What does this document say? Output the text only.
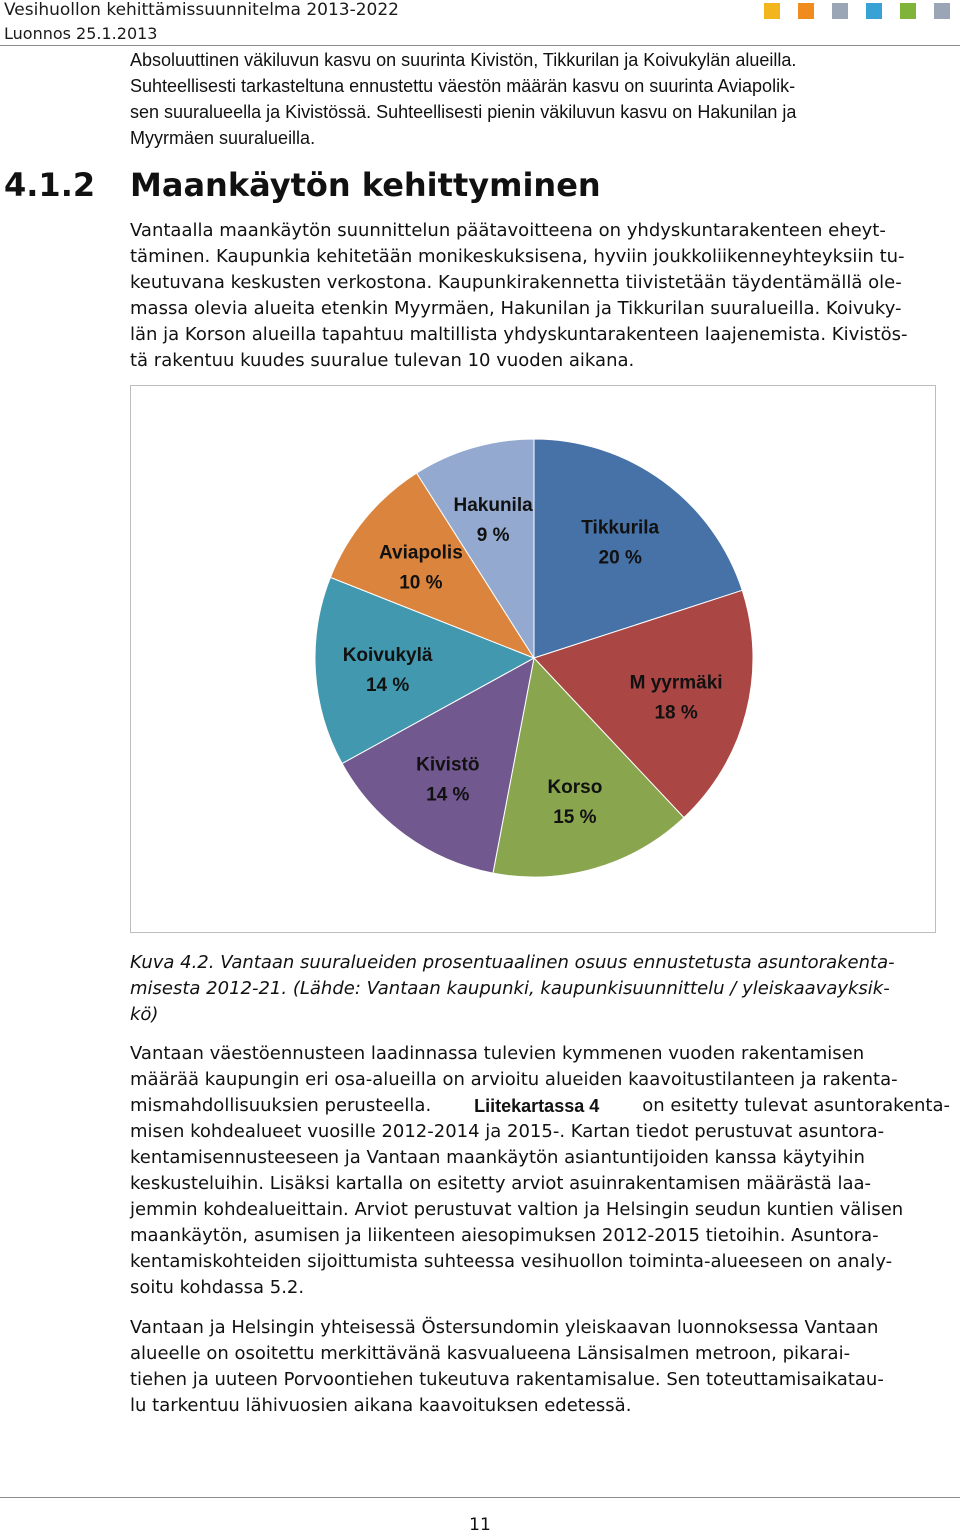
Vesihuollon kehittämissuunnitelma 2013-2022
Luonnos 25.1.2013
Absoluuttinen väkiluvun kasvu on suurinta Kivistön, Tikkurilan ja Koivukylän alueilla.
Suhteellisesti tarkasteltuna ennustettu väestön määrän kasvu on suurinta Aviapolik-
sen suuralueella ja Kivistössä. Suhteellisesti pienin väkiluvun kasvu on Hakunilan ja
Myyrmäen suuralueilla.
4.1.2 Maankäytön kehittyminen
Vantaalla maankäytön suunnittelun päätavoitteena on yhdyskuntarakenteen eheyt-
täminen. Kaupunkia kehitetään monikeskuksisena, hyviin joukkoliikenneyhteyksiin tu-
keutuvana keskusten verkostona. Kaupunkirakennetta tiivistetään täydentämällä ole-
massa olevia alueita etenkin Myyrmäen, Hakunilan ja Tikkurilan suuralueilla. Koivuky-
län ja Korson alueilla tapahtuu maltillista yhdyskuntarakenteen laajenemista. Kivistös-
tä rakentuu kuudes suuralue tulevan 10 vuoden aikana.
Tikkurila
20 %
M yyrmäki
18 %
Korso
15 %
Kivistö
14 %
Koivukylä
14 %
Aviapolis
10 %
Hakunila
9 %
Kuva 4.2. Vantaan suuralueiden prosentuaalinen osuus ennustetusta asuntorakenta-
misesta 2012-21. (Lähde: Vantaan kaupunki, kaupunkisuunnittelu / yleiskaavayksik-
kö)
Vantaan väestöennusteen laadinnassa tulevien kymmenen vuoden rakentamisen
määrää kaupungin eri osa-alueilla on arvioitu alueiden kaavoitustilanteen ja rakenta-
mismahdollisuuksien perusteella. Liitekartassa 4 on esitetty tulevat asuntorakenta-
misen kohdealueet vuosille 2012-2014 ja 2015-. Kartan tiedot perustuvat asuntora-
kentamisennusteeseen ja Vantaan maankäytön asiantuntijoiden kanssa käytyihin
keskusteluihin. Lisäksi kartalla on esitetty arviot asuinrakentamisen määrästä laa-
jemmin kohdealueittain. Arviot perustuvat valtion ja Helsingin seudun kuntien välisen
maankäytön, asumisen ja liikenteen aiesopimuksen 2012-2015 tietoihin. Asuntora-
kentamiskohteiden sijoittumista suhteessa vesihuollon toiminta-alueeseen on analy-
soitu kohdassa 5.2.
Vantaan ja Helsingin yhteisessä Östersundomin yleiskaavan luonnoksessa Vantaan
alueelle on osoitettu merkittävänä kasvualueena Länsisalmen metroon, pikarai-
tiehen ja uuteen Porvoontiehen tukeutuva rakentamisalue. Sen toteuttamisaikatau-
lu tarkentuu lähivuosien aikana kaavoituksen edetessä.
11
